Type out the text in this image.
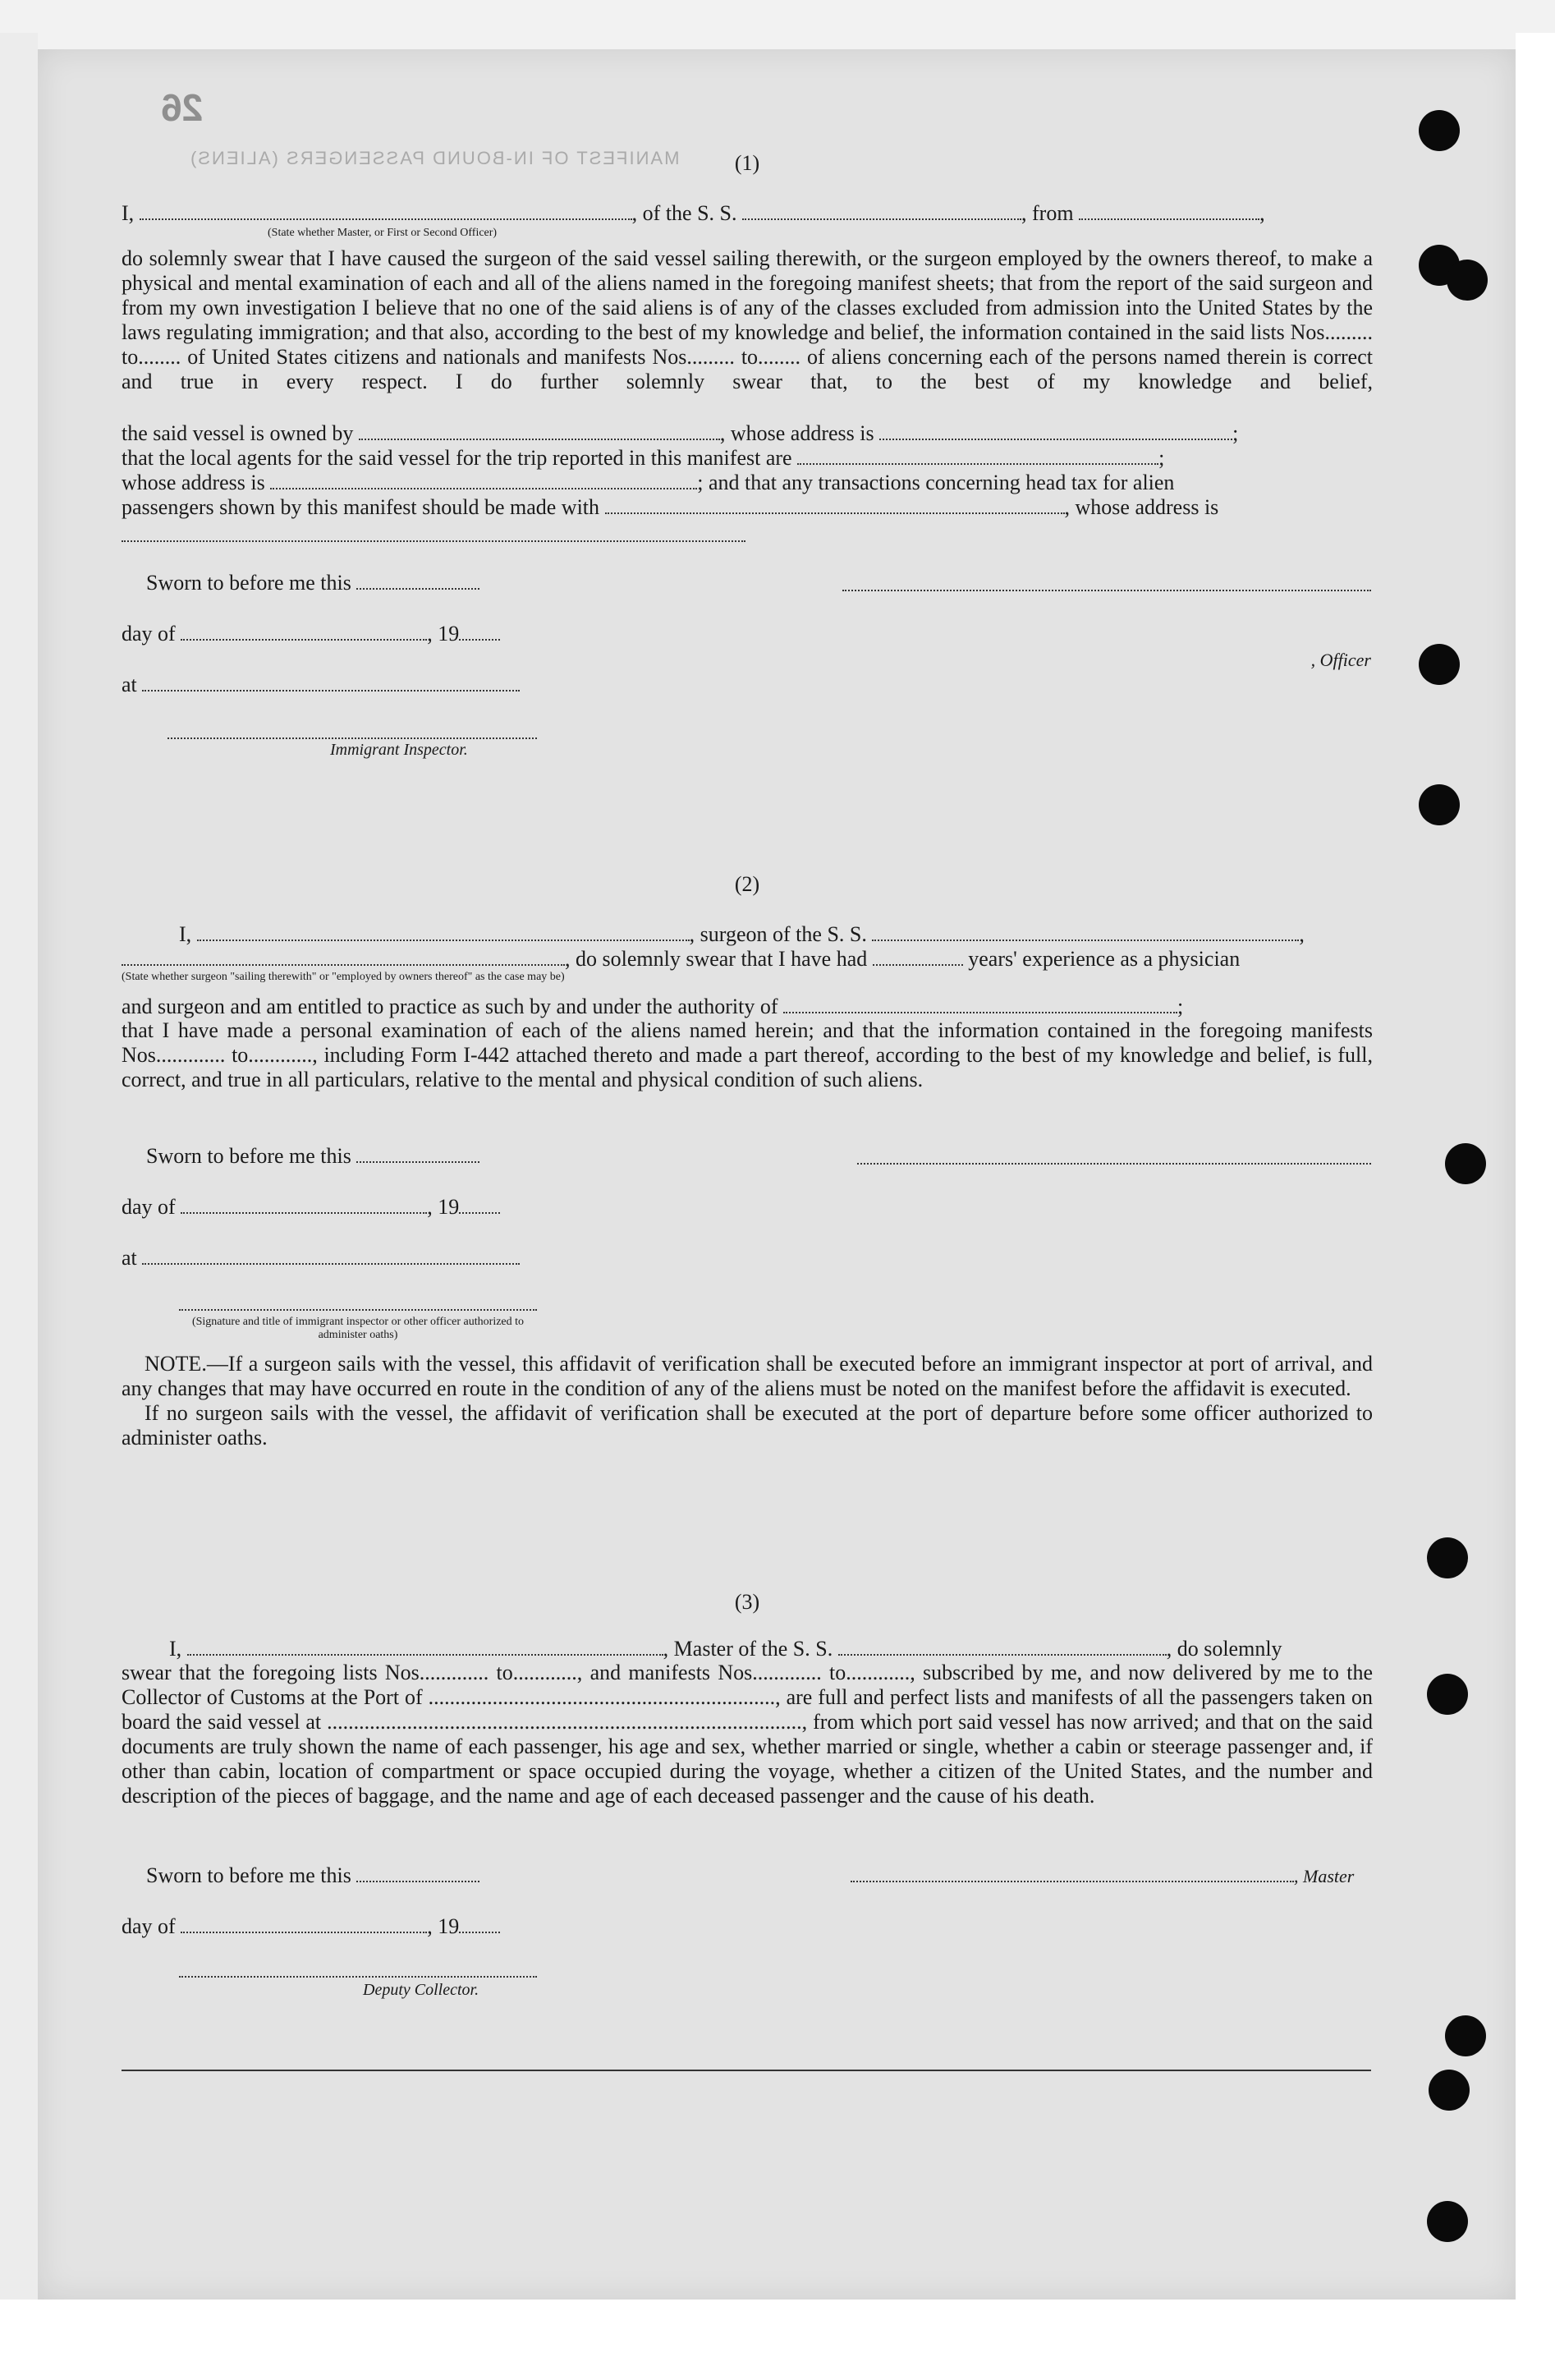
26
MANIFEST OF IN-BOUND PASSENGERS (ALIENS)	(1)
I,	, of the S. S.	, from	,
(State whether Master, or First or Second Officer)

do solemnly swear that I have caused the surgeon of the said vessel sailing therewith, or the surgeon employed by the owners thereof, to make a physical and mental examination of each and all of the aliens named in the foregoing manifest sheets; that from the report of the said surgeon and from my own investigation I believe that no one of the said aliens is of any of the classes excluded from admission into the United States by the laws regulating immigration; and that also, according to the best of my knowledge and belief, the information contained in the said lists Nos......... to........ of United States citizens and nationals and manifests Nos......... to........ of aliens concerning each of the persons named therein is correct and true in every respect. I do further solemnly swear that, to the best of my knowledge and belief,

the said vessel is owned by	, whose address is	;
that the local agents for the said vessel for the trip reported in this manifest are	;
whose address is	; and that any transactions concerning head tax for alien
passengers shown by this manifest should be made with	, whose address is
Sworn to before me this
day of	, 19
, Officer
at
Immigrant Inspector.
(2)
I,	, surgeon of the S. S.	,
, do solemnly swear that I have had	years' experience as a physician
(State whether surgeon "sailing therewith" or "employed by owners thereof" as the case may be)
and surgeon and am entitled to practice as such by and under the authority of	;

that I have made a personal examination of each of the aliens named herein; and that the information contained in the foregoing manifests Nos............. to............, including Form I-442 attached thereto and made a part thereof, according to the best of my knowledge and belief, is full, correct, and true in all particulars, relative to the mental and physical condition of such aliens.

Sworn to before me this
day of	, 19
at
(Signature and title of immigrant inspector or other officer authorized to administer oaths)

NOTE.—If a surgeon sails with the vessel, this affidavit of verification shall be executed before an immigrant inspector at port of arrival, and any changes that may have occurred en route in the condition of any of the aliens must be noted on the manifest before the affidavit is executed.

If no surgeon sails with the vessel, the affidavit of verification shall be executed at the port of departure before some officer authorized to administer oaths.

(3)
I,	, Master of the S. S.	, do solemnly

swear that the foregoing lists Nos............. to............, and manifests Nos............. to............, subscribed by me, and now delivered by me to the Collector of Customs at the Port of ................................................................., are full and perfect lists and manifests of all the passengers taken on board the said vessel at ........................................................................................., from which port said vessel has now arrived; and that on the said documents are truly shown the name of each passenger, his age and sex, whether married or single, whether a cabin or steerage passenger and, if other than cabin, location of compartment or space occupied during the voyage, whether a citizen of the United States, and the number and description of the pieces of baggage, and the name and age of each deceased passenger and the cause of his death.

Sworn to before me this	, Master
day of	, 19
Deputy Collector.
